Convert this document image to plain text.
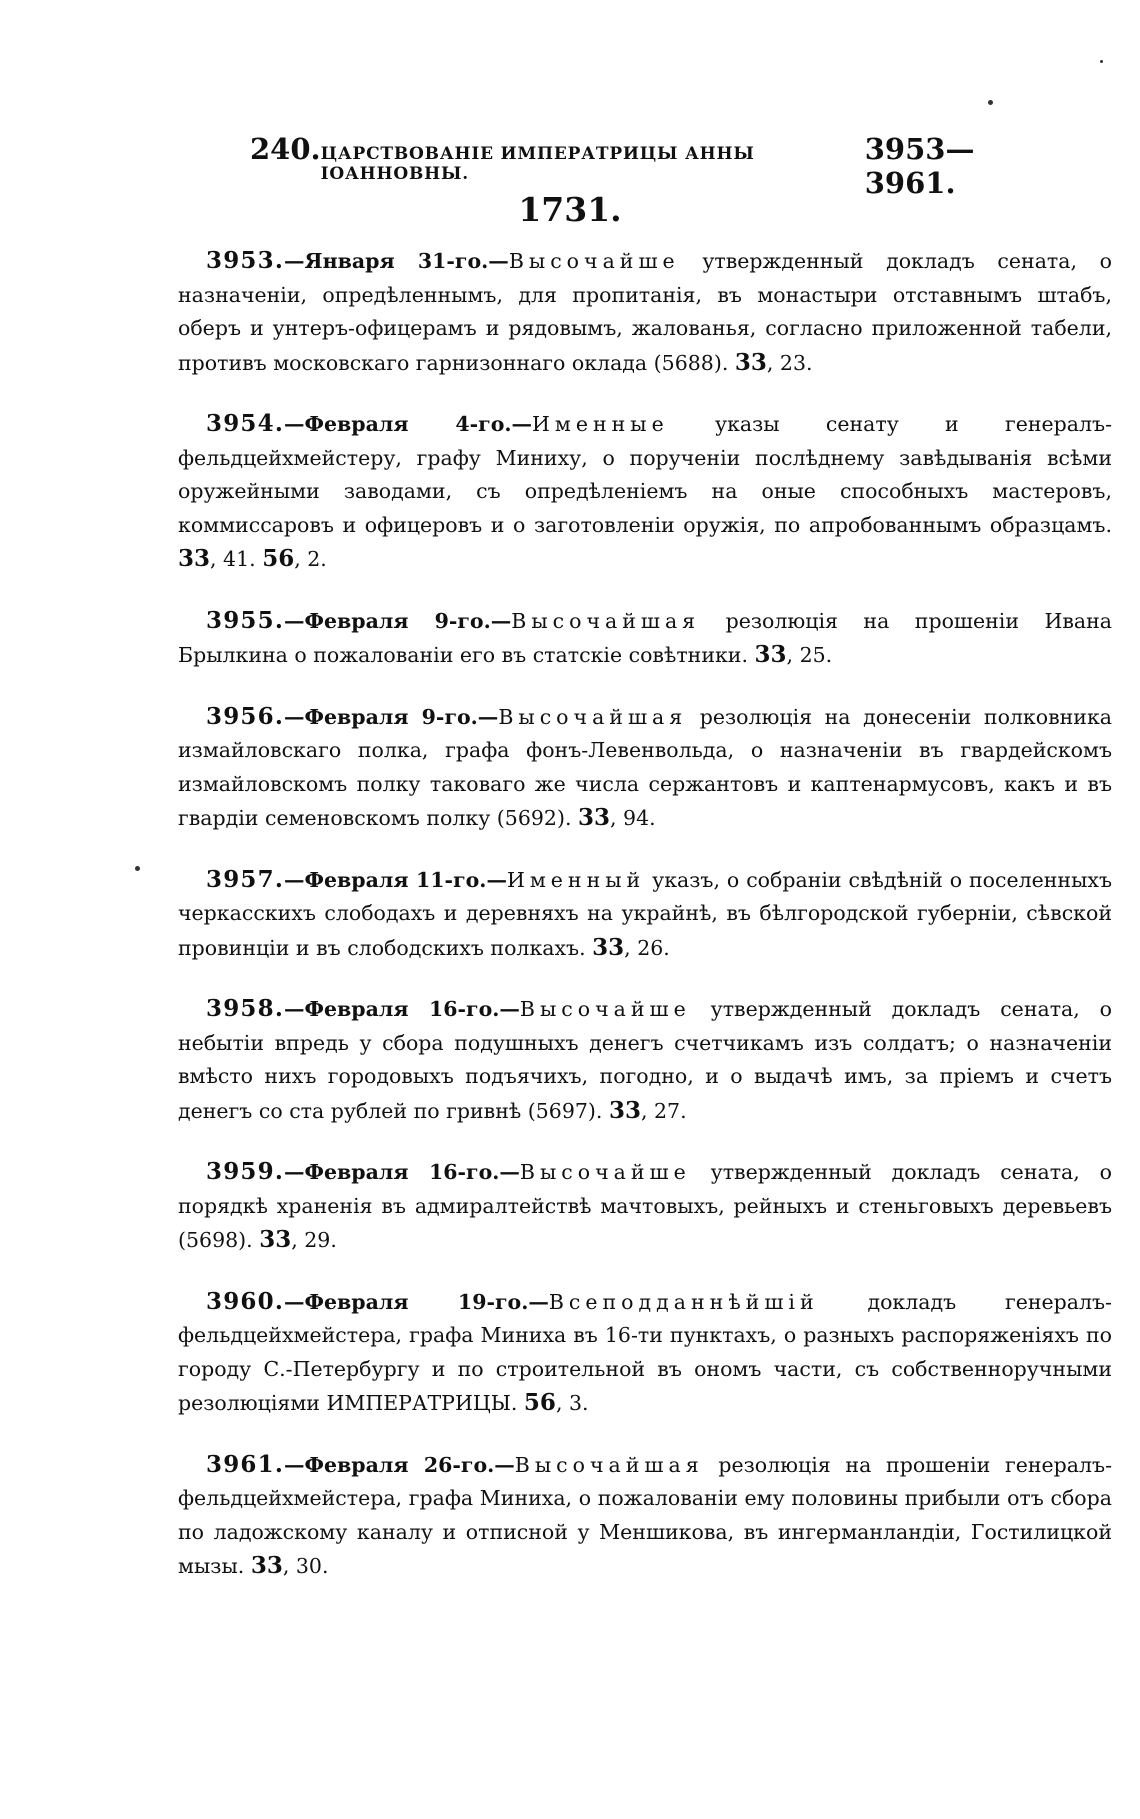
240. ЦАРСТВОВАНІЕ ИМПЕРАТРИЦЫ АННЫ ІОАННОВНЫ.
3953—3961.
1731.

3953.—Января 31-го.—Высочайше утвержденный докладъ сената, о назначеніи, опредѣленнымъ, для пропитанія, въ монастыри отставнымъ штабъ, оберъ и унтеръ-офицерамъ и рядовымъ, жалованья, согласно приложенной табели, противъ московскаго гарнизоннаго оклада (5688). 33, 23.

3954.—Февраля 4-го.—Именные указы сенату и генералъ-фельдцейхмейстеру, графу Миниху, о порученіи послѣднему завѣдыванія всѣми оружейными заводами, съ опредѣленіемъ на оные способныхъ мастеровъ, коммиссаровъ и офицеровъ и о заготовленіи оружія, по апробованнымъ образцамъ. 33, 41. 56, 2.

3955.—Февраля 9-го.—Высочайшая резолюція на прошеніи Ивана Брылкина о пожалованіи его въ статскіе совѣтники. 33, 25.

3956.—Февраля 9-го.—Высочайшая резолюція на донесеніи полковника измайловскаго полка, графа фонъ-Левенвольда, о назначеніи въ гвардейскомъ измайловскомъ полку таковаго же числа сержантовъ и каптенармусовъ, какъ и въ гвардіи семеновскомъ полку (5692). 33, 94.

3957.—Февраля 11-го.—Именный указъ, о собраніи свѣдѣній о поселенныхъ черкасскихъ слободахъ и деревняхъ на украйнѣ, въ бѣлгородской губерніи, сѣвской провинціи и въ слободскихъ полкахъ. 33, 26.

3958.—Февраля 16-го.—Высочайше утвержденный докладъ сената, о небытіи впредь у сбора подушныхъ денегъ счетчикамъ изъ солдатъ; о назначеніи вмѣсто нихъ городовыхъ подъячихъ, погодно, и о выдачѣ имъ, за пріемъ и счетъ денегъ со ста рублей по гривнѣ (5697). 33, 27.

3959.—Февраля 16-го.—Высочайше утвержденный докладъ сената, о порядкѣ храненія въ адмиралтействѣ мачтовыхъ, рейныхъ и стеньговыхъ деревьевъ (5698). 33, 29.

3960.—Февраля 19-го.—Всеподданнѣйшій докладъ генералъ-фельдцейхмейстера, графа Миниха въ 16-ти пунктахъ, о разныхъ распоряженіяхъ по городу С.-Петербургу и по строительной въ ономъ части, съ собственноручными резолюціями ИМПЕРАТРИЦЫ. 56, 3.

3961.—Февраля 26-го.—Высочайшая резолюція на прошеніи генералъ-фельдцейхмейстера, графа Миниха, о пожалованіи ему половины прибыли отъ сбора по ладожскому каналу и отписной у Меншикова, въ ингерманландіи, Гостилицкой мызы. 33, 30.
